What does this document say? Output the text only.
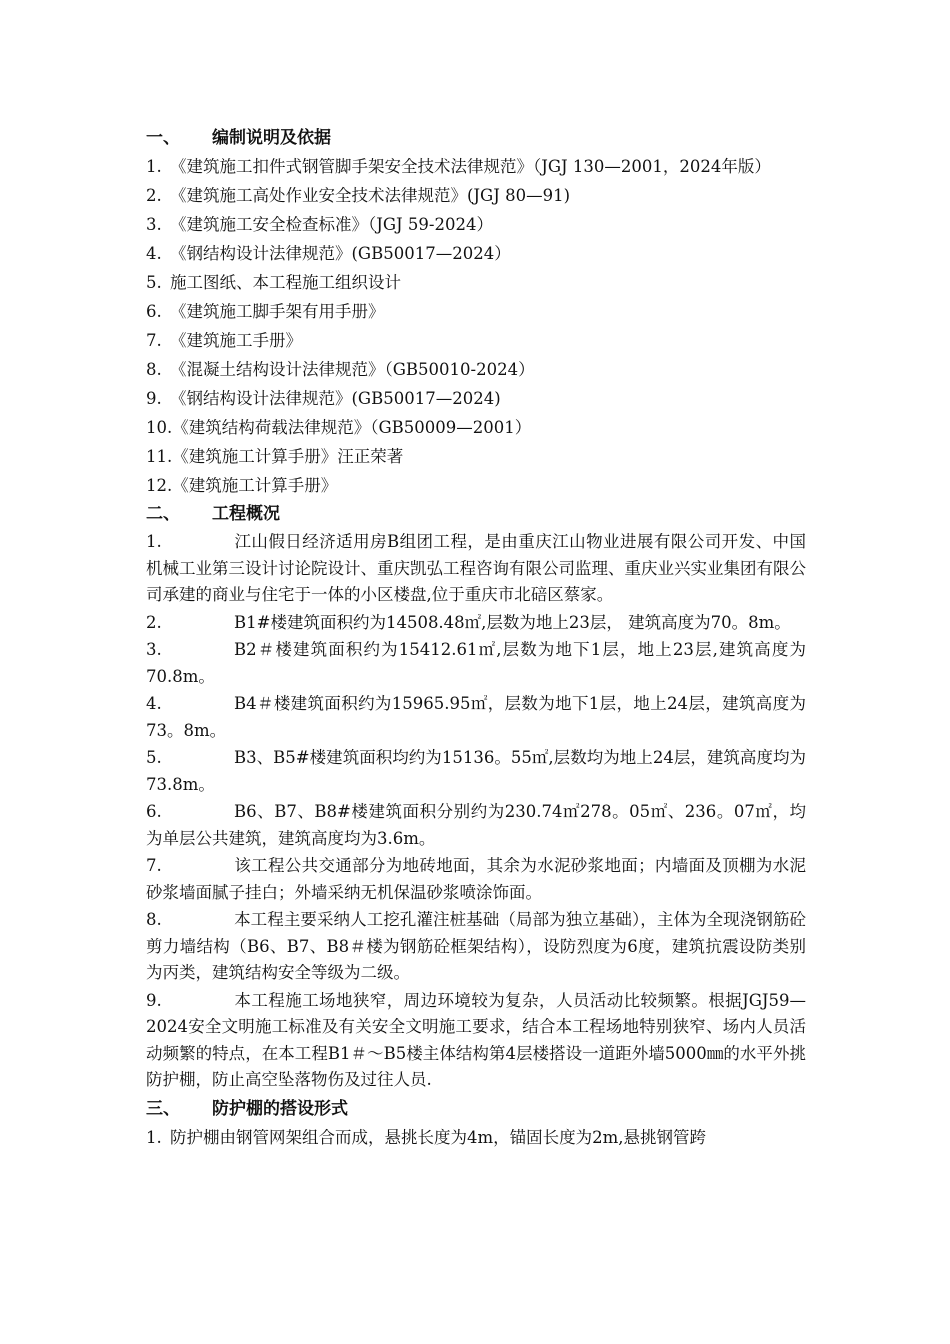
一、 编制说明及依据
1. 《建筑施工扣件式钢管脚手架安全技术法律规范》（JGJ 130—2001，2024年版）
2. 《建筑施工高处作业安全技术法律规范》(JGJ 80—91)
3. 《建筑施工安全检查标准》（JGJ 59-2024）
4. 《钢结构设计法律规范》(GB50017—2024）
5. 施工图纸、本工程施工组织设计
6. 《建筑施工脚手架有用手册》
7. 《建筑施工手册》
8. 《混凝土结构设计法律规范》（GB50010-2024）
9. 《钢结构设计法律规范》(GB50017—2024)
10.《建筑结构荷载法律规范》（GB50009—2001）
11.《建筑施工计算手册》汪正荣著
12.《建筑施工计算手册》
二、 工程概况
1.	江山假日经济适用房B组团工程，是由重庆江山物业进展有限公司开发、中国机械工业第三设计讨论院设计、重庆凯弘工程咨询有限公司监理、重庆业兴实业集团有限公司承建的商业与住宅于一体的小区楼盘,位于重庆市北碚区蔡家。
2.	B1#楼建筑面积约为14508.48㎡,层数为地上23层， 建筑高度为70。8m。
3.	B2＃楼建筑面积约为15412.61㎡,层数为地下1层，地上23层,建筑高度为70.8m。
4.	B4＃楼建筑面积约为15965.95㎡，层数为地下1层，地上24层，建筑高度为73。8m。
5.	B3、B5#楼建筑面积均约为15136。55㎡,层数均为地上24层，建筑高度均为73.8m。
6.	B6、B7、B8#楼建筑面积分别约为230.74㎡278。05㎡、236。07㎡，均为单层公共建筑，建筑高度均为3.6m。
7.	该工程公共交通部分为地砖地面，其余为水泥砂浆地面；内墙面及顶棚为水泥砂浆墙面腻子挂白；外墙采纳无机保温砂浆喷涂饰面。
8.	本工程主要采纳人工挖孔灌注桩基础（局部为独立基础），主体为全现浇钢筋砼剪力墙结构（B6、B7、B8＃楼为钢筋砼框架结构），设防烈度为6度，建筑抗震设防类别为丙类，建筑结构安全等级为二级。
9.	本工程施工场地狭窄，周边环境较为复杂，人员活动比较频繁。根据JGJ59—2024安全文明施工标准及有关安全文明施工要求，结合本工程场地特别狭窄、场内人员活动频繁的特点，在本工程B1＃～B5楼主体结构第4层楼搭设一道距外墙5000㎜的水平外挑防护棚，防止高空坠落物伤及过往人员.
三、 防护棚的搭设形式
1. 防护棚由钢管网架组合而成，悬挑长度为4m，锚固长度为2m,悬挑钢管跨
